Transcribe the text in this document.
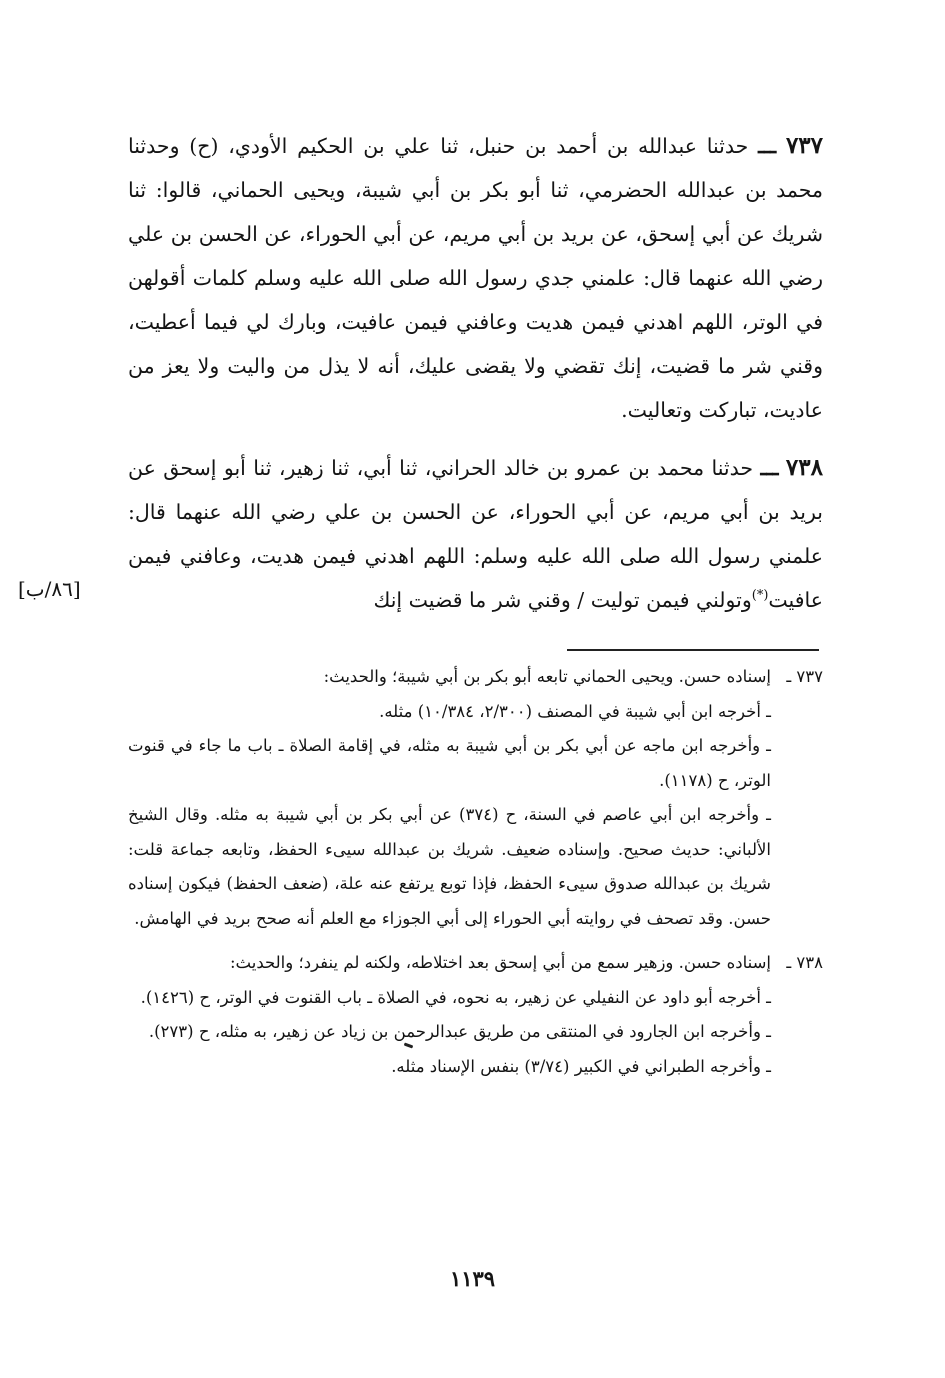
٧٣٧ ـــ حدثنا عبدالله بن أحمد بن حنبل، ثنا علي بن الحكيم الأودي، (ح) وحدثنا محمد بن عبدالله الحضرمي، ثنا أبو بكر بن أبي شيبة، ويحيى الحماني، قالوا: ثنا شريك عن أبي إسحق، عن بريد بن أبي مريم، عن أبي الحوراء، عن الحسن بن علي رضي الله عنهما قال: علمني جدي رسول الله صلى الله عليه وسلم كلمات أقولهن في الوتر، اللهم اهدني فيمن هديت وعافني فيمن عافيت، وبارك لي فيما أعطيت، وقني شر ما قضيت، إنك تقضي ولا يقضى عليك، أنه لا يذل من واليت ولا يعز من عاديت، تباركت وتعاليت.

٧٣٨ ـــ حدثنا محمد بن عمرو بن خالد الحراني، ثنا أبي، ثنا زهير، ثنا أبو إسحق عن بريد بن أبي مريم، عن أبي الحوراء، عن الحسن بن علي رضي الله عنهما قال: علمني رسول الله صلى الله عليه وسلم: اللهم اهدني فيمن هديت، وعافني فيمن عافيت(*)وتولني فيمن توليت / وقني شر ما قضيت إنك

[٨٦/ب]
٧٣٧ ـ
إسناده حسن. ويحيى الحماني تابعه أبو بكر بن أبي شيبة؛ والحديث:
ـ أخرجه ابن أبي شيبة في المصنف (٢/٣٠٠، ١٠/٣٨٤) مثله.
ـ وأخرجه ابن ماجه عن أبي بكر بن أبي شيبة به مثله، في إقامة الصلاة ـ باب ما جاء في قنوت الوتر، ح (١١٧٨).
ـ وأخرجه ابن أبي عاصم في السنة، ح (٣٧٤) عن أبي بكر بن أبي شيبة به مثله. وقال الشيخ الألباني: حديث صحيح. وإسناده ضعيف. شريك بن عبدالله سيىء الحفظ، وتابعه جماعة قلت: شريك بن عبدالله صدوق سيىء الحفظ، فإذا توبع يرتفع عنه علة، (ضعف الحفظ) فيكون إسناده حسن. وقد تصحف في روايته أبي الحوراء إلى أبي الجوزاء مع العلم أنه صحح بريد في الهامش.
٧٣٨ ـ
إسناده حسن. وزهير سمع من أبي إسحق بعد اختلاطه، ولكنه لم ينفرد؛ والحديث:
ـ أخرجه أبو داود عن النفيلي عن زهير، به نحوه، في الصلاة ـ باب القنوت في الوتر، ح (١٤٢٦).
ـ وأخرجه ابن الجارود في المنتقى من طريق عبدالرحمن بن زياد عن زهير، به مثله، ح (٢٧٣).
ـ وأخرجه الطبراني في الكبير (٣/٧٤) بنفس الإسناد مثله.
١١٣٩
